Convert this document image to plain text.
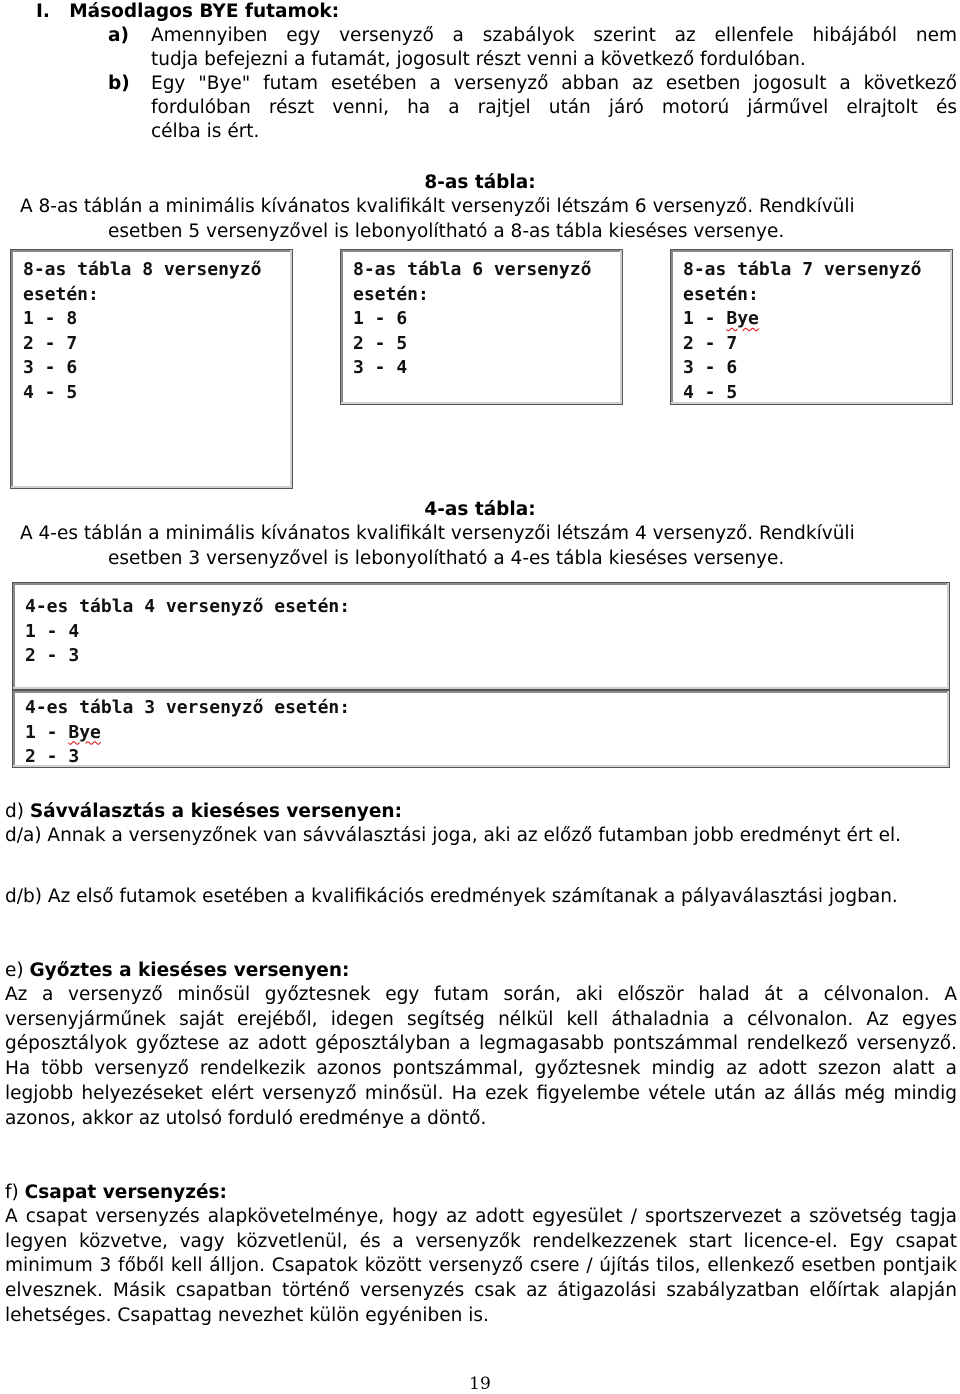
I. Másodlagos BYE futamok:
a) Amennyiben egy versenyző a szabályok szerint az ellenfele hibájából nem
tudja befejezni a futamát, jogosult részt venni a következő fordulóban.
b) Egy "Bye" futam esetében a versenyző abban az esetben jogosult a következő
fordulóban részt venni, ha a rajtjel után járó motorú járművel elrajtolt és
célba is ért.
8-as tábla:
A 8-as táblán a minimális kívánatos kvalifikált versenyzői létszám 6 versenyző. Rendkívüli
esetben 5 versenyzővel is lebonyolítható a 8-as tábla kieséses versenye.
8-as tábla 8 versenyző
esetén:
1 - 8
2 - 7
3 - 6
4 - 5
8-as tábla 6 versenyző
esetén:
1 - 6
2 - 5
3 - 4
8-as tábla 7 versenyző
esetén:
1 - Bye
2 - 7
3 - 6
4 - 5
4-as tábla:
A 4-es táblán a minimális kívánatos kvalifikált versenyzői létszám 4 versenyző. Rendkívüli
esetben 3 versenyzővel is lebonyolítható a 4-es tábla kieséses versenye.
4-es tábla 4 versenyző esetén:
1 - 4
2 - 3
4-es tábla 3 versenyző esetén:
1 - Bye
2 - 3
d) Sávválasztás a kieséses versenyen:
d/a) Annak a versenyzőnek van sávválasztási joga, aki az előző futamban jobb eredményt ért el.
d/b) Az első futamok esetében a kvalifikációs eredmények számítanak a pályaválasztási jogban.
e) Győztes a kieséses versenyen:
Az a versenyző minősül győztesnek egy futam során, aki először halad át a célvonalon. A versenyjárműnek saját erejéből, idegen segítség nélkül kell áthaladnia a célvonalon. Az egyes géposztályok győztese az adott géposztályban a legmagasabb pontszámmal rendelkező versenyző. Ha több versenyző rendelkezik azonos pontszámmal, győztesnek mindig az adott szezon alatt a legjobb helyezéseket elért versenyző minősül. Ha ezek figyelembe vétele után az állás még mindig azonos, akkor az utolsó forduló eredménye a döntő.
f) Csapat versenyzés:
A csapat versenyzés alapkövetelménye, hogy az adott egyesület / sportszervezet a szövetség tagja legyen közvetve, vagy közvetlenül, és a versenyzők rendelkezzenek start licence-el. Egy csapat minimum 3 főből kell álljon. Csapatok között versenyző csere / újítás tilos, ellenkező esetben pontjaik elvesznek. Másik csapatban történő versenyzés csak az átigazolási szabályzatban előírtak alapján lehetséges. Csapattag nevezhet külön egyéniben is.
19
